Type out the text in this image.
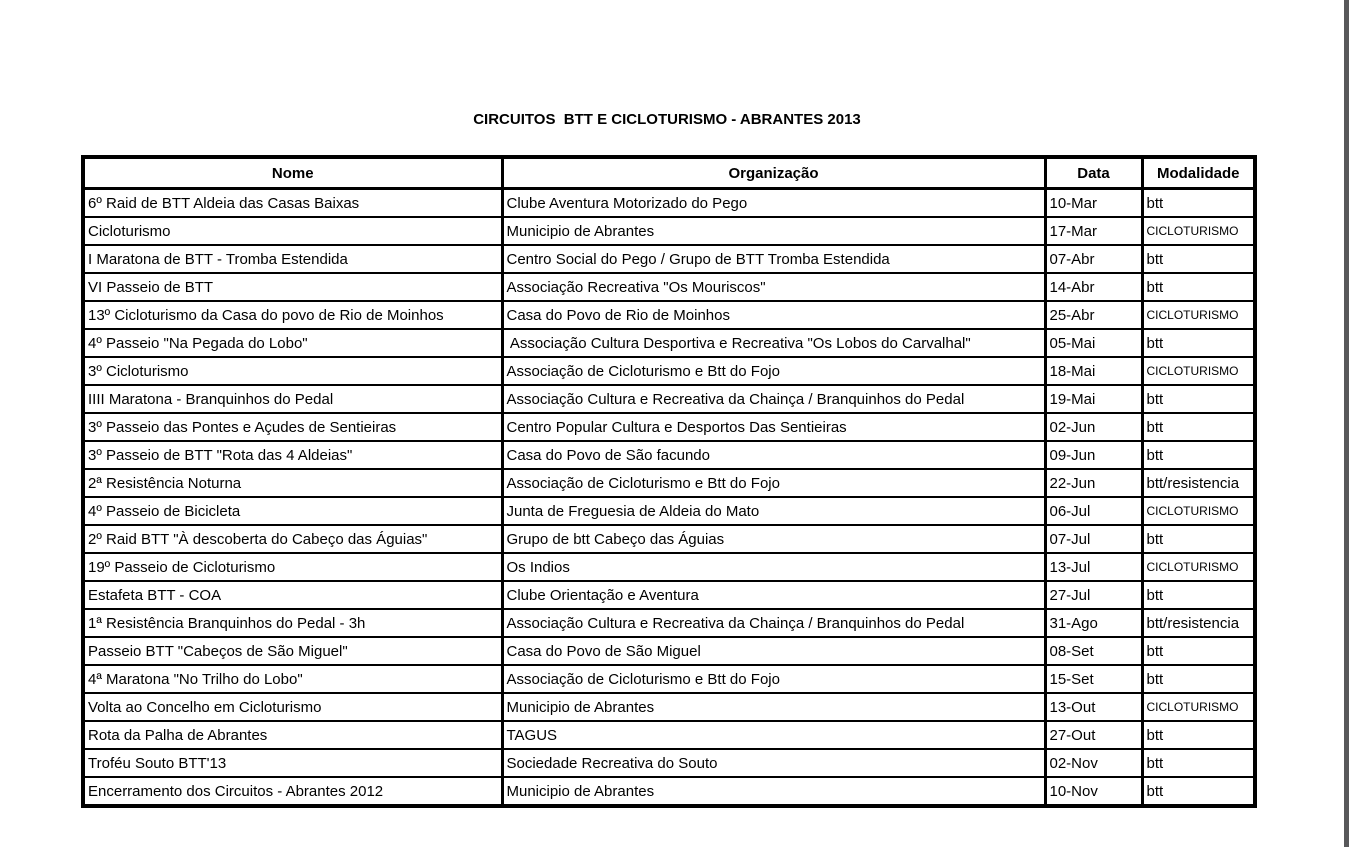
CIRCUITOS  BTT E CICLOTURISMO - ABRANTES 2013
Nome	Organização	Data	Modalidade
6º Raid de BTT Aldeia das Casas Baixas	Clube Aventura Motorizado do Pego	10-Mar	btt
Cicloturismo	Municipio de Abrantes	17-Mar	CICLOTURISMO
I Maratona de BTT - Tromba Estendida	Centro Social do Pego / Grupo de BTT Tromba Estendida	07-Abr	btt
VI Passeio de BTT	Associação Recreativa "Os Mouriscos"	14-Abr	btt
13º Cicloturismo da Casa do povo de Rio de Moinhos	Casa do Povo de Rio de Moinhos	25-Abr	CICLOTURISMO
4º Passeio "Na Pegada do Lobo"	Associação Cultura Desportiva e Recreativa "Os Lobos do Carvalhal"	05-Mai	btt
3º Cicloturismo	Associação de Cicloturismo e Btt do Fojo	18-Mai	CICLOTURISMO
IIII Maratona - Branquinhos do Pedal	Associação Cultura e Recreativa da Chainça / Branquinhos do Pedal	19-Mai	btt
3º Passeio das Pontes e Açudes de Sentieiras	Centro Popular Cultura e Desportos Das Sentieiras	02-Jun	btt
3º Passeio de BTT "Rota das 4 Aldeias"	Casa do Povo de São facundo	09-Jun	btt
2ª Resistência Noturna	Associação de Cicloturismo e Btt do Fojo	22-Jun	btt/resistencia
4º Passeio de Bicicleta	Junta de Freguesia de Aldeia do Mato	06-Jul	CICLOTURISMO
2º Raid BTT "À descoberta do Cabeço das Águias"	Grupo de btt Cabeço das Águias	07-Jul	btt
19º Passeio de Cicloturismo	Os Indios	13-Jul	CICLOTURISMO
Estafeta BTT - COA	Clube Orientação e Aventura	27-Jul	btt
1ª Resistência Branquinhos do Pedal - 3h	Associação Cultura e Recreativa da Chainça / Branquinhos do Pedal	31-Ago	btt/resistencia
Passeio BTT "Cabeços de São Miguel"	Casa do Povo de São Miguel	08-Set	btt
4ª Maratona "No Trilho do Lobo"	Associação de Cicloturismo e Btt do Fojo	15-Set	btt
Volta ao Concelho em Cicloturismo	Municipio de Abrantes	13-Out	CICLOTURISMO
Rota da Palha de Abrantes	TAGUS	27-Out	btt
Troféu Souto BTT'13	Sociedade Recreativa do Souto	02-Nov	btt
Encerramento dos Circuitos - Abrantes 2012	Municipio de Abrantes	10-Nov	btt
